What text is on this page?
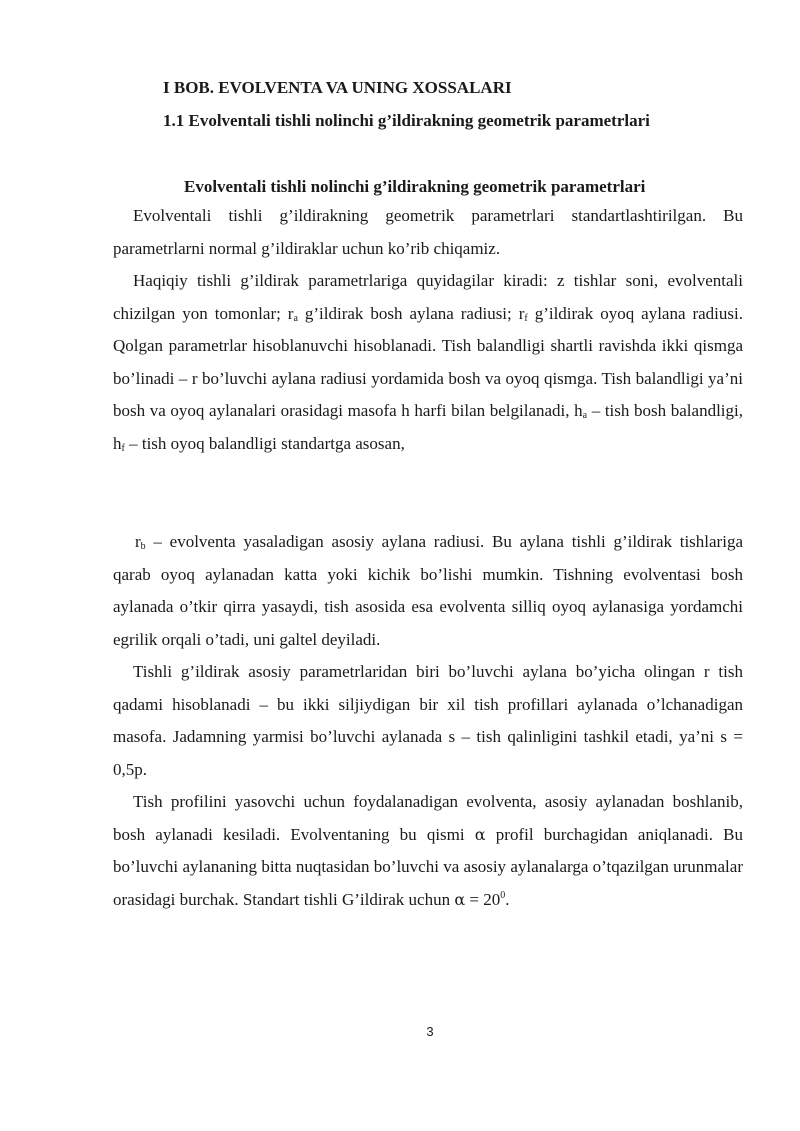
I BOB. EVOLVENTA VA UNING XOSSALARI
1.1 Evolventali tishli nolinchi g’ildirakning geometrik parametrlari
Evolventali tishli nolinchi g’ildirakning geometrik parametrlari

Evolventali tishli g’ildirakning geometrik parametrlari standartlashtirilgan. Bu parametrlarni normal g’ildiraklar uchun ko’rib chiqamiz.

Haqiqiy tishli g’ildirak parametrlariga quyidagilar kiradi: z tishlar soni, evolventali chizilgan yon tomonlar; $r_a$ g’ildirak bosh aylana radiusi; $r_f$ g’ildirak oyoq aylana radiusi. Qolgan parametrlar hisoblanuvchi hisoblanadi. Tish balandligi shartli ravishda ikki qismga bo’linadi – r bo’luvchi aylana radiusi yordamida bosh va oyoq qismga. Tish balandligi ya’ni bosh va oyoq aylanalari orasidagi masofa h harfi bilan belgilanadi, $h_a$ – tish bosh balandligi, $h_f$ – tish oyoq balandligi standartga asosan,

$r_b$ – evolventa yasaladigan asosiy aylana radiusi. Bu aylana tishli g’ildirak tishlariga qarab oyoq aylanadan katta yoki kichik bo’lishi mumkin. Tishning evolventasi bosh aylanada o’tkir qirra yasaydi, tish asosida esa evolventa silliq oyoq aylanasiga yordamchi egrilik orqali o’tadi, uni galtel deyiladi.

Tishli g’ildirak asosiy parametrlaridan biri bo’luvchi aylana bo’yicha olingan r tish qadami hisoblanadi – bu ikki siljiydigan bir xil tish profillari aylanada o’lchanadigan masofa. Jadamning yarmisi bo’luvchi aylanada s – tish qalinligini tashkil etadi, ya’ni s = 0,5p.

Tish profilini yasovchi uchun foydalanadigan evolventa, asosiy aylanadan boshlanib, bosh aylanadi kesiladi. Evolventaning bu qismi α profil burchagidan aniqlanadi. Bu bo’luvchi aylananing bitta nuqtasidan bo’luvchi va asosiy aylanalarga o’tqazilgan urunmalar orasidagi burchak. Standart tishli G’ildirak uchun $\alpha = 20^0$.

3
